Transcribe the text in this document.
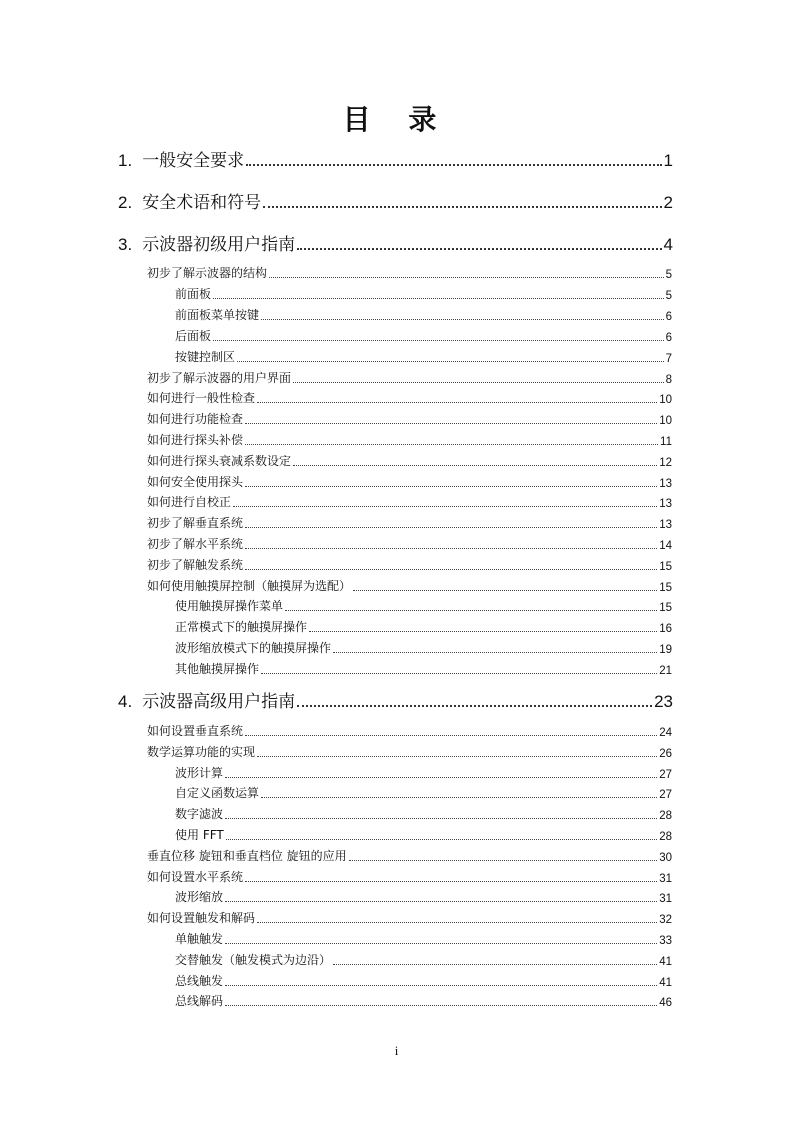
目 录
1. 一般安全要求	1
2. 安全术语和符号	2
3. 示波器初级用户指南	4
初步了解示波器的结构	5
前面板	5
前面板菜单按键	6
后面板	6
按键控制区	7
初步了解示波器的用户界面	8
如何进行一般性检查	10
如何进行功能检查	10
如何进行探头补偿	11
如何进行探头衰减系数设定	12
如何安全使用探头	13
如何进行自校正	13
初步了解垂直系统	13
初步了解水平系统	14
初步了解触发系统	15
如何使用触摸屏控制（触摸屏为选配）	15
使用触摸屏操作菜单	15
正常模式下的触摸屏操作	16
波形缩放模式下的触摸屏操作	19
其他触摸屏操作	21
4. 示波器高级用户指南	23
如何设置垂直系统	24
数学运算功能的实现	26
波形计算	27
自定义函数运算	27
数字滤波	28
使用 FFT	28
垂直位移 旋钮和垂直档位 旋钮的应用	30
如何设置水平系统	31
波形缩放	31
如何设置触发和解码	32
单触触发	33
交替触发（触发模式为边沿）	41
总线触发	41
总线解码	46
i
